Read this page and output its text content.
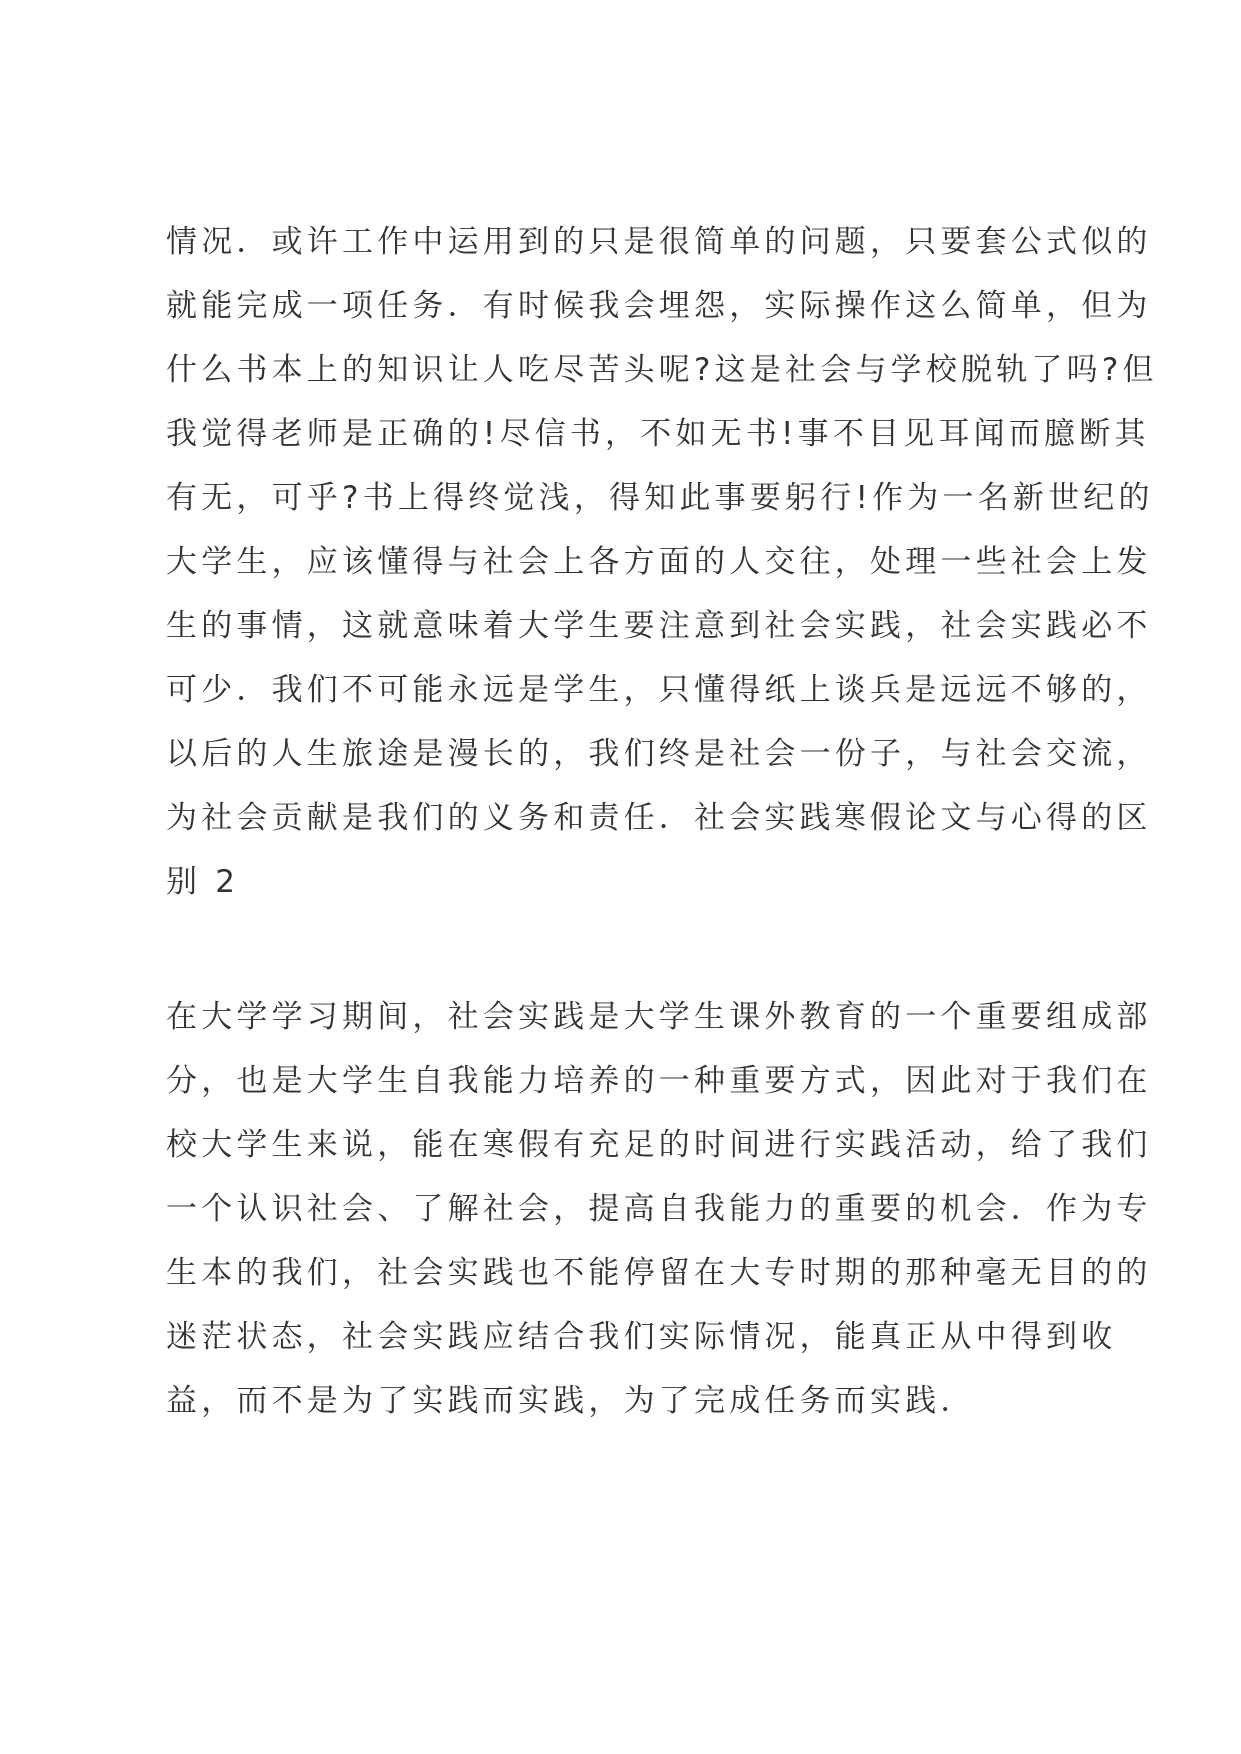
情况．或许工作中运用到的只是很简单的问题，只要套公式似的
就能完成一项任务．有时候我会埋怨，实际操作这么简单，但为
什么书本上的知识让人吃尽苦头呢?这是社会与学校脱轨了吗?但
我觉得老师是正确的!尽信书，不如无书!事不目见耳闻而臆断其
有无，可乎?书上得终觉浅，得知此事要躬行!作为一名新世纪的
大学生，应该懂得与社会上各方面的人交往，处理一些社会上发
生的事情，这就意味着大学生要注意到社会实践，社会实践必不
可少．我们不可能永远是学生，只懂得纸上谈兵是远远不够的，
以后的人生旅途是漫长的，我们终是社会一份子，与社会交流，
为社会贡献是我们的义务和责任．社会实践寒假论文与心得的区
别 2
在大学学习期间，社会实践是大学生课外教育的一个重要组成部
分，也是大学生自我能力培养的一种重要方式，因此对于我们在
校大学生来说，能在寒假有充足的时间进行实践活动，给了我们
一个认识社会、了解社会，提高自我能力的重要的机会．作为专
生本的我们，社会实践也不能停留在大专时期的那种毫无目的的
迷茫状态，社会实践应结合我们实际情况，能真正从中得到收
益，而不是为了实践而实践，为了完成任务而实践．
